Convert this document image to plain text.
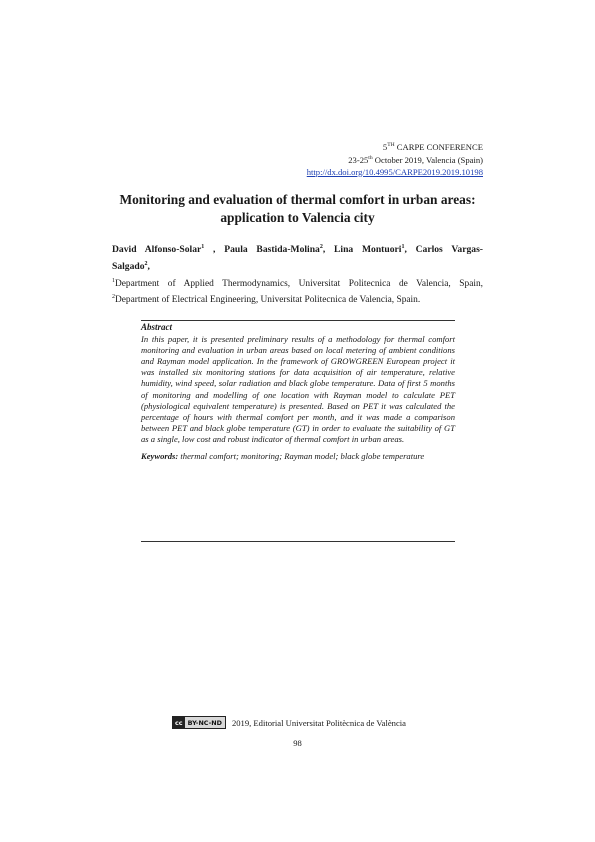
5TH CARPE CONFERENCE
23-25th October 2019, Valencia (Spain)
http://dx.doi.org/10.4995/CARPE2019.2019.10198
Monitoring and evaluation of thermal comfort in urban areas:
application to Valencia city
David Alfonso-Solar$^1$ , Paula Bastida-Molina$^2$, Lina Montuori$^1$, Carlos Vargas-
Salgado$^2$,

$^1$Department of Applied Thermodynamics, Universitat Politecnica de Valencia, Spain,

$^2$Department of Electrical Engineering, Universitat Politecnica de Valencia, Spain.

Abstract

In this paper, it is presented preliminary results of a methodology for thermal comfort monitoring and evaluation in urban areas based on local metering of ambient conditions and Rayman model application. In the framework of GROWGREEN European project it was installed six monitoring stations for data acquisition of air temperature, relative humidity, wind speed, solar radiation and black globe temperature. Data of first 5 months of monitoring and modelling of one location with Rayman model to calculate PET (physiological equivalent temperature) is presented. Based on PET it was calculated the percentage of hours with thermal comfort per month, and it was made a comparison between PET and black globe temperature (GT) in order to evaluate the suitability of GT as a single, low cost and robust indicator of thermal comfort in urban areas.

Keywords: thermal comfort; monitoring; Rayman model; black globe temperature
cc BY-NC-ND	2019, Editorial Universitat Politècnica de València
98
